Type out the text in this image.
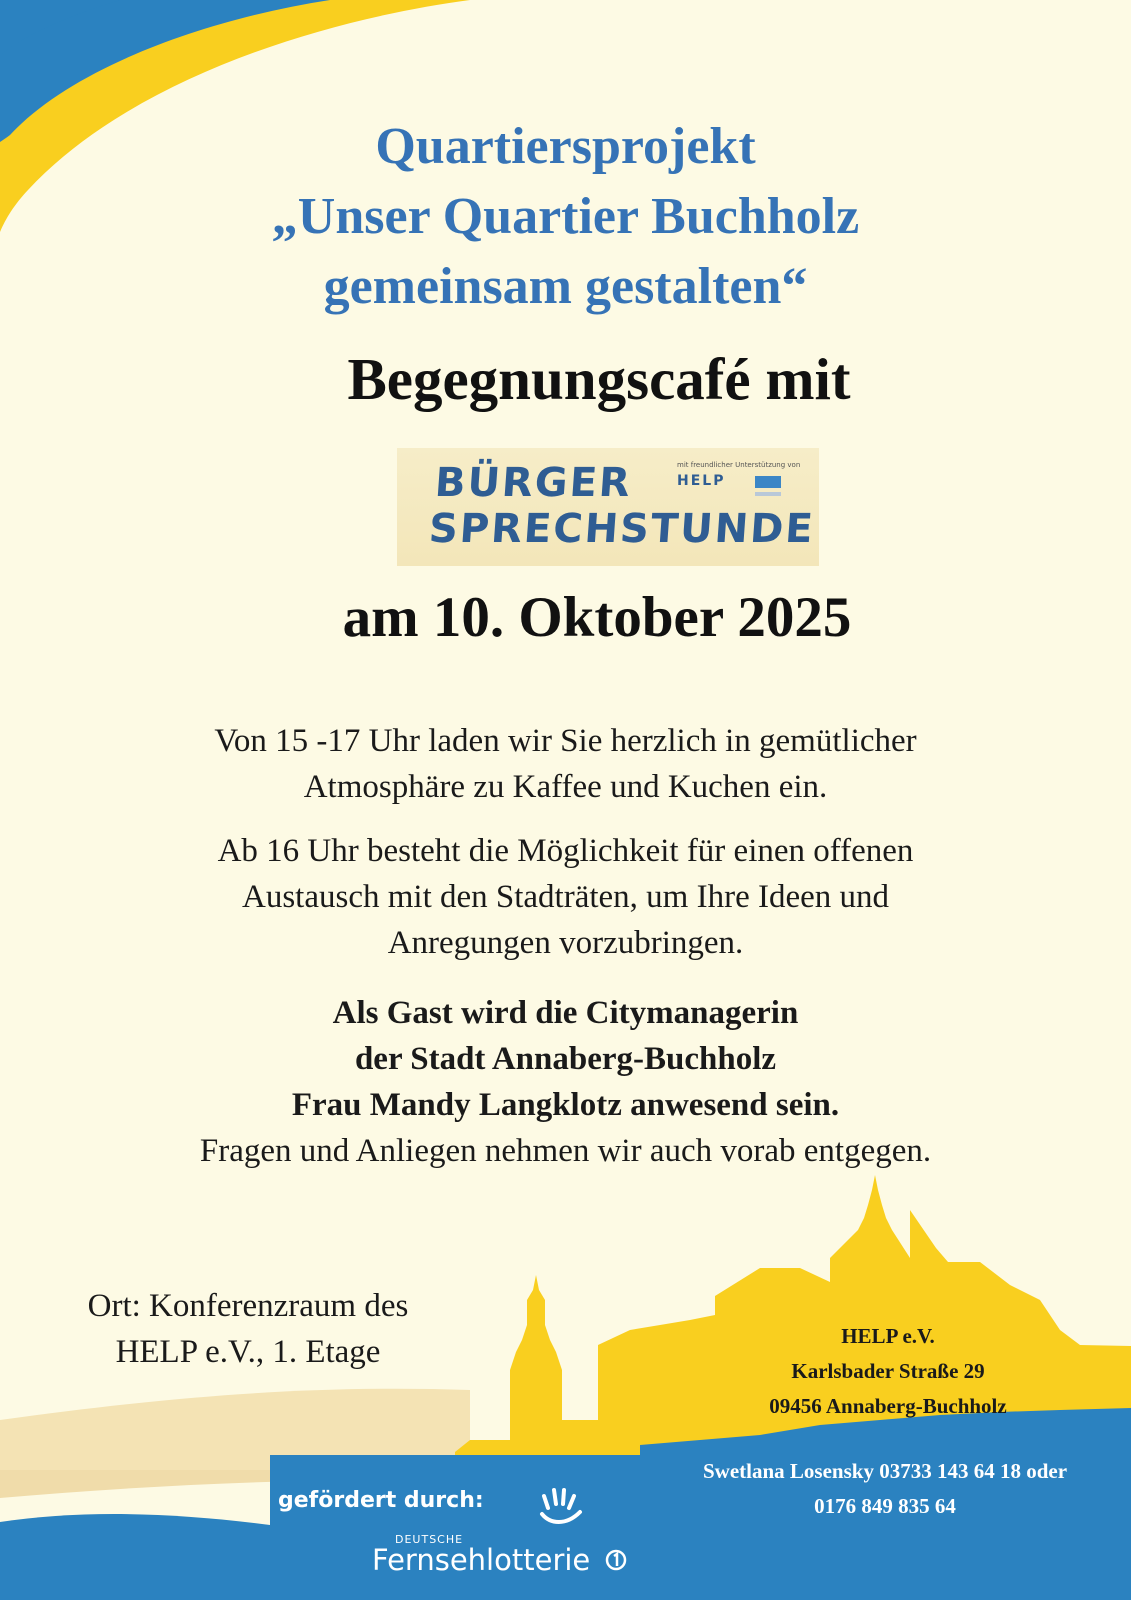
Quartiersprojekt
„Unser Quartier Buchholz
gemeinsam gestalten“
Begegnungscafé mit
BÜRGER
SPRECHSTUNDE
mit freundlicher Unterstützung von
HELP
am 10. Oktober 2025
Von 15 -17 Uhr laden wir Sie herzlich in gemütlicher
Atmosphäre zu Kaffee und Kuchen ein.
Ab 16 Uhr besteht die Möglichkeit für einen offenen
Austausch mit den Stadträten, um Ihre Ideen und
Anregungen vorzubringen.
Als Gast wird die Citymanagerin
der Stadt Annaberg-Buchholz
Frau Mandy Langklotz anwesend sein.
Fragen und Anliegen nehmen wir auch vorab entgegen.
Ort: Konferenzraum des
HELP e.V., 1. Etage	HELP e.V.
Karlsbader Straße 29
09456 Annaberg-Buchholz
Swetlana Losensky 03733 143 64 18 oder
0176 849 835 64
gefördert durch:
DEUTSCHE
Fernsehlotterie
